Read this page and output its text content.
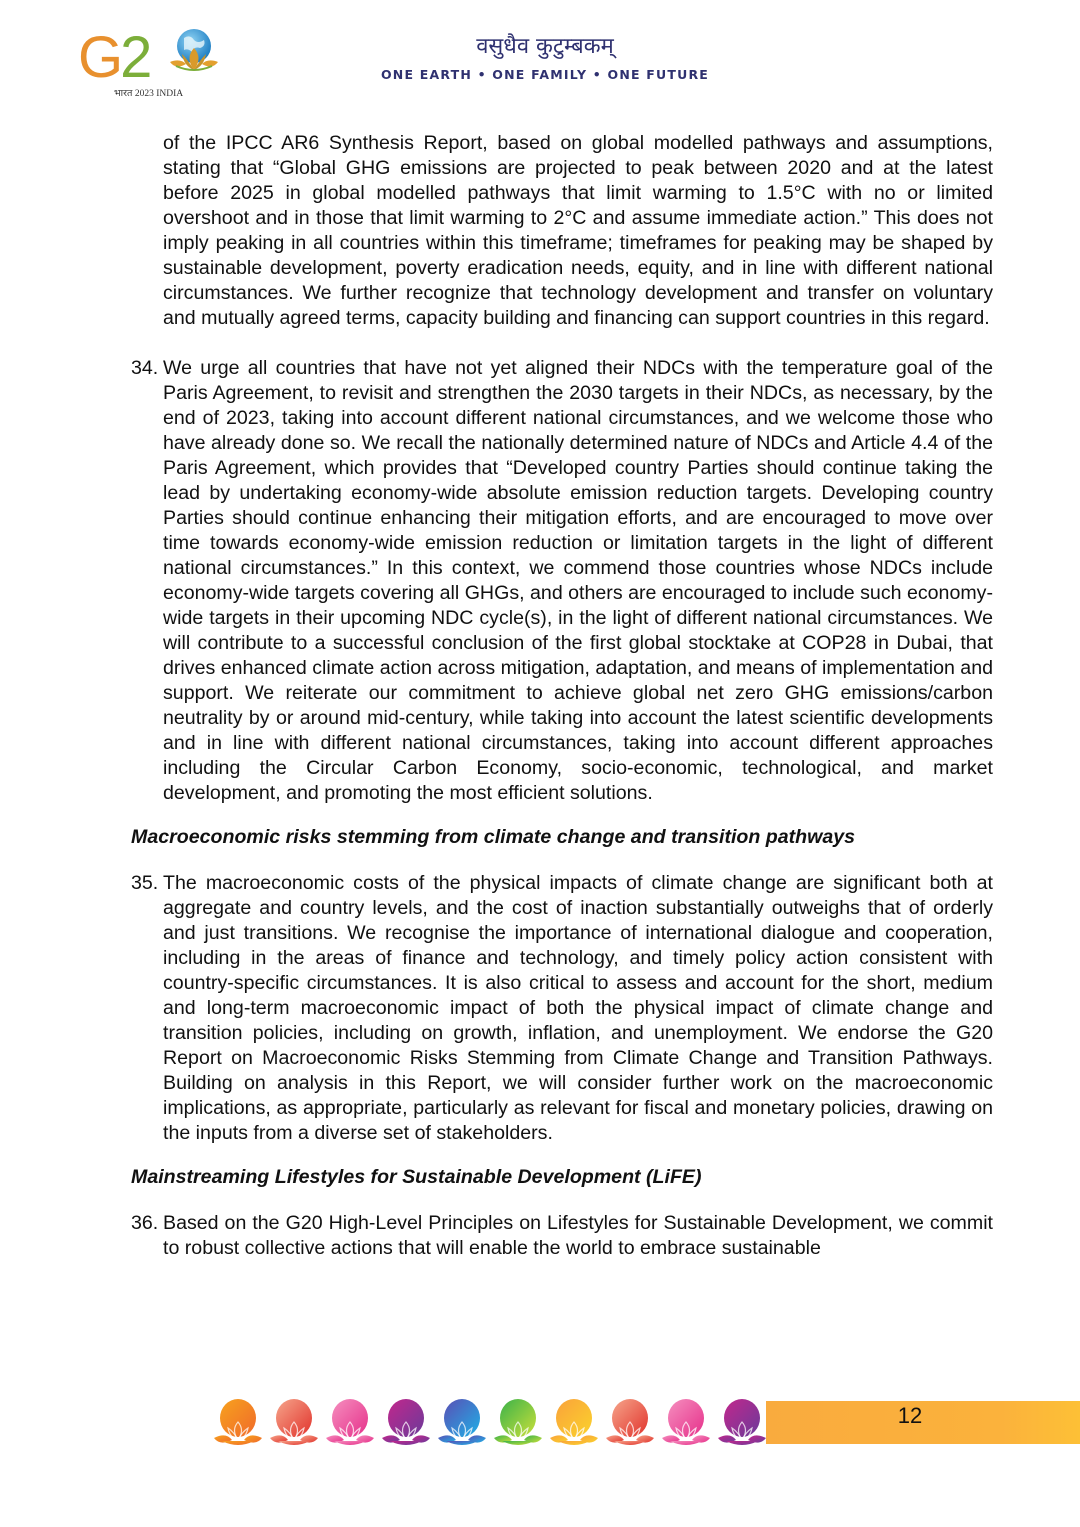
G2
भारत 2023 INDIA
वसुधैव कुटुम्बकम्
ONE EARTH • ONE FAMILY • ONE FUTURE
of the IPCC AR6 Synthesis Report, based on global modelled pathways and assumptions, stating that “Global GHG emissions are projected to peak between 2020 and at the latest before 2025 in global modelled pathways that limit warming to 1.5°C with no or limited overshoot and in those that limit warming to 2°C and assume immediate action.” This does not imply peaking in all countries within this timeframe; timeframes for peaking may be shaped by sustainable development, poverty eradication needs, equity, and in line with different national circumstances. We further recognize that technology development and transfer on voluntary and mutually agreed terms, capacity building and financing can support countries in this regard.
34. We urge all countries that have not yet aligned their NDCs with the temperature goal of the Paris Agreement, to revisit and strengthen the 2030 targets in their NDCs, as necessary, by the end of 2023, taking into account different national circumstances, and we welcome those who have already done so. We recall the nationally determined nature of NDCs and Article 4.4 of the Paris Agreement, which provides that “Developed country Parties should continue taking the lead by undertaking economy-wide absolute emission reduction targets. Developing country Parties should continue enhancing their mitigation efforts, and are encouraged to move over time towards economy-wide emission reduction or limitation targets in the light of different national circumstances.” In this context, we commend those countries whose NDCs include economy-wide targets covering all GHGs, and others are encouraged to include such economy-wide targets in their upcoming NDC cycle(s), in the light of different national circumstances. We will contribute to a successful conclusion of the first global stocktake at COP28 in Dubai, that drives enhanced climate action across mitigation, adaptation, and means of implementation and support. We reiterate our commitment to achieve global net zero GHG emissions/carbon neutrality by or around mid-century, while taking into account the latest scientific developments and in line with different national circumstances, taking into account different approaches including the Circular Carbon Economy, socio-economic, technological, and market development, and promoting the most efficient solutions.
Macroeconomic risks stemming from climate change and transition pathways
35. The macroeconomic costs of the physical impacts of climate change are significant both at aggregate and country levels, and the cost of inaction substantially outweighs that of orderly and just transitions. We recognise the importance of international dialogue and cooperation, including in the areas of finance and technology, and timely policy action consistent with country-specific circumstances. It is also critical to assess and account for the short, medium and long-term macroeconomic impact of both the physical impact of climate change and transition policies, including on growth, inflation, and unemployment. We endorse the G20 Report on Macroeconomic Risks Stemming from Climate Change and Transition Pathways. Building on analysis in this Report, we will consider further work on the macroeconomic implications, as appropriate, particularly as relevant for fiscal and monetary policies, drawing on the inputs from a diverse set of stakeholders.
Mainstreaming Lifestyles for Sustainable Development (LiFE)
36. Based on the G20 High-Level Principles on Lifestyles for Sustainable Development, we commit to robust collective actions that will enable the world to embrace sustainable
12
